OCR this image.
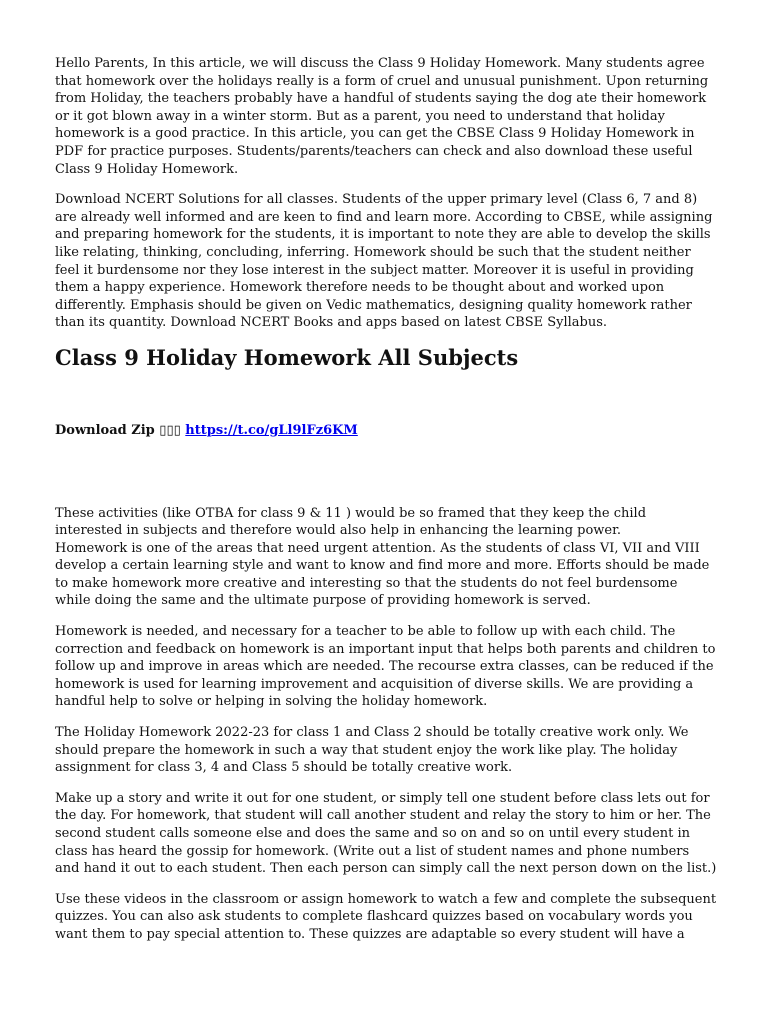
Hello Parents, In this article, we will discuss the Class 9 Holiday Homework. Many students agree that homework over the holidays really is a form of cruel and unusual punishment. Upon returning from Holiday, the teachers probably have a handful of students saying the dog ate their homework or it got blown away in a winter storm. But as a parent, you need to understand that holiday homework is a good practice. In this article, you can get the CBSE Class 9 Holiday Homework in PDF for practice purposes. Students/parents/teachers can check and also download these useful Class 9 Holiday Homework.

Download NCERT Solutions for all classes. Students of the upper primary level (Class 6, 7 and 8) are already well informed and are keen to find and learn more. According to CBSE, while assigning and preparing homework for the students, it is important to note they are able to develop the skills like relating, thinking, concluding, inferring. Homework should be such that the student neither feel it burdensome nor they lose interest in the subject matter. Moreover it is useful in providing them a happy experience. Homework therefore needs to be thought about and worked upon differently. Emphasis should be given on Vedic mathematics, designing quality homework rather than its quantity. Download NCERT Books and apps based on latest CBSE Syllabus.

Class 9 Holiday Homework All Subjects
Download Zip ▯▯▯ https://t.co/gLl9lFz6KM

These activities (like OTBA for class 9 & 11 ) would be so framed that they keep the child interested in subjects and therefore would also help in enhancing the learning power.

Homework is one of the areas that need urgent attention. As the students of class VI, VII and VIII develop a certain learning style and want to know and find more and more. Efforts should be made to make homework more creative and interesting so that the students do not feel burdensome while doing the same and the ultimate purpose of providing homework is served.

Homework is needed, and necessary for a teacher to be able to follow up with each child. The correction and feedback on homework is an important input that helps both parents and children to follow up and improve in areas which are needed. The recourse extra classes, can be reduced if the homework is used for learning improvement and acquisition of diverse skills. We are providing a handful help to solve or helping in solving the holiday homework.

The Holiday Homework 2022-23 for class 1 and Class 2 should be totally creative work only. We should prepare the homework in such a way that student enjoy the work like play. The holiday assignment for class 3, 4 and Class 5 should be totally creative work.

Make up a story and write it out for one student, or simply tell one student before class lets out for the day. For homework, that student will call another student and relay the story to him or her. The second student calls someone else and does the same and so on and so on until every student in class has heard the gossip for homework. (Write out a list of student names and phone numbers and hand it out to each student. Then each person can simply call the next person down on the list.)

Use these videos in the classroom or assign homework to watch a few and complete the subsequent quizzes. You can also ask students to complete flashcard quizzes based on vocabulary words you want them to pay special attention to. These quizzes are adaptable so every student will have a
